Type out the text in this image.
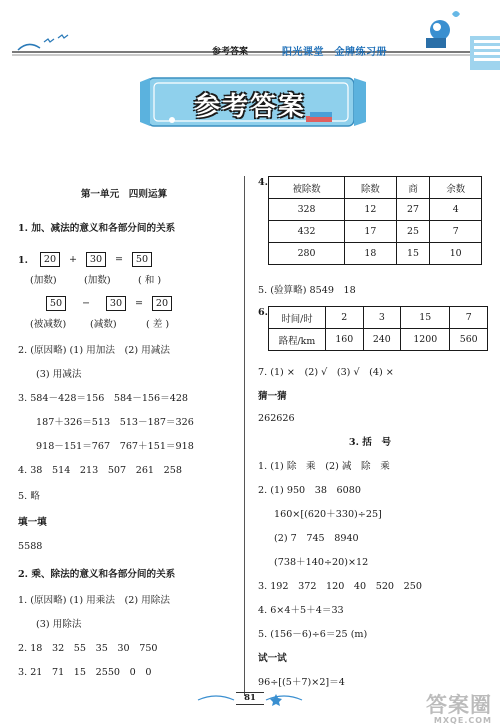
参考答案	阳光课堂　金牌练习册
参考答案
第一单元　四则运算
1. 加、减法的意义和各部分间的关系
1.	20 + 30 = 50
(加数)	(加数)	( 和 )
50 − 30 = 20
(被减数) (减数)	( 差 )
2. (原因略) (1) 用加法　(2) 用减法
(3) 用减法
3. 584－428＝156　584－156＝428
187＋326＝513　513－187＝326
918－151＝767　767＋151＝918
4. 38　514　213　507　261　258
5. 略
填一填
5588
2. 乘、除法的意义和各部分间的关系
1. (原因略) (1) 用乘法　(2) 用除法
(3) 用除法
2. 18　32　55　35　30　750
3. 21　71　15　2550　0　0
4.
被除数	除数	商	余数
328	12	27	4
432	17	25	7
280	18	15	10
5. (验算略) 8549　18
6.
时间/时	2	3	15	7
路程/km	160	240	1200	560
7. (1) ×　(2) √　(3) √　(4) ×
猜一猜
262626
3. 括　号
1. (1) 除　乘　(2) 减　除　乘
2. (1) 950　38　6080
160×[(620＋330)÷25]
(2) 7　745　8940
(738＋140÷20)×12
3. 192　372　120　40　520　250
4. 6×4＋5＋4＝33
5. (156－6)÷6＝25 (m)
试一试
96÷[(5＋7)×2]＝4
81	答案圈
MXQE.COM
